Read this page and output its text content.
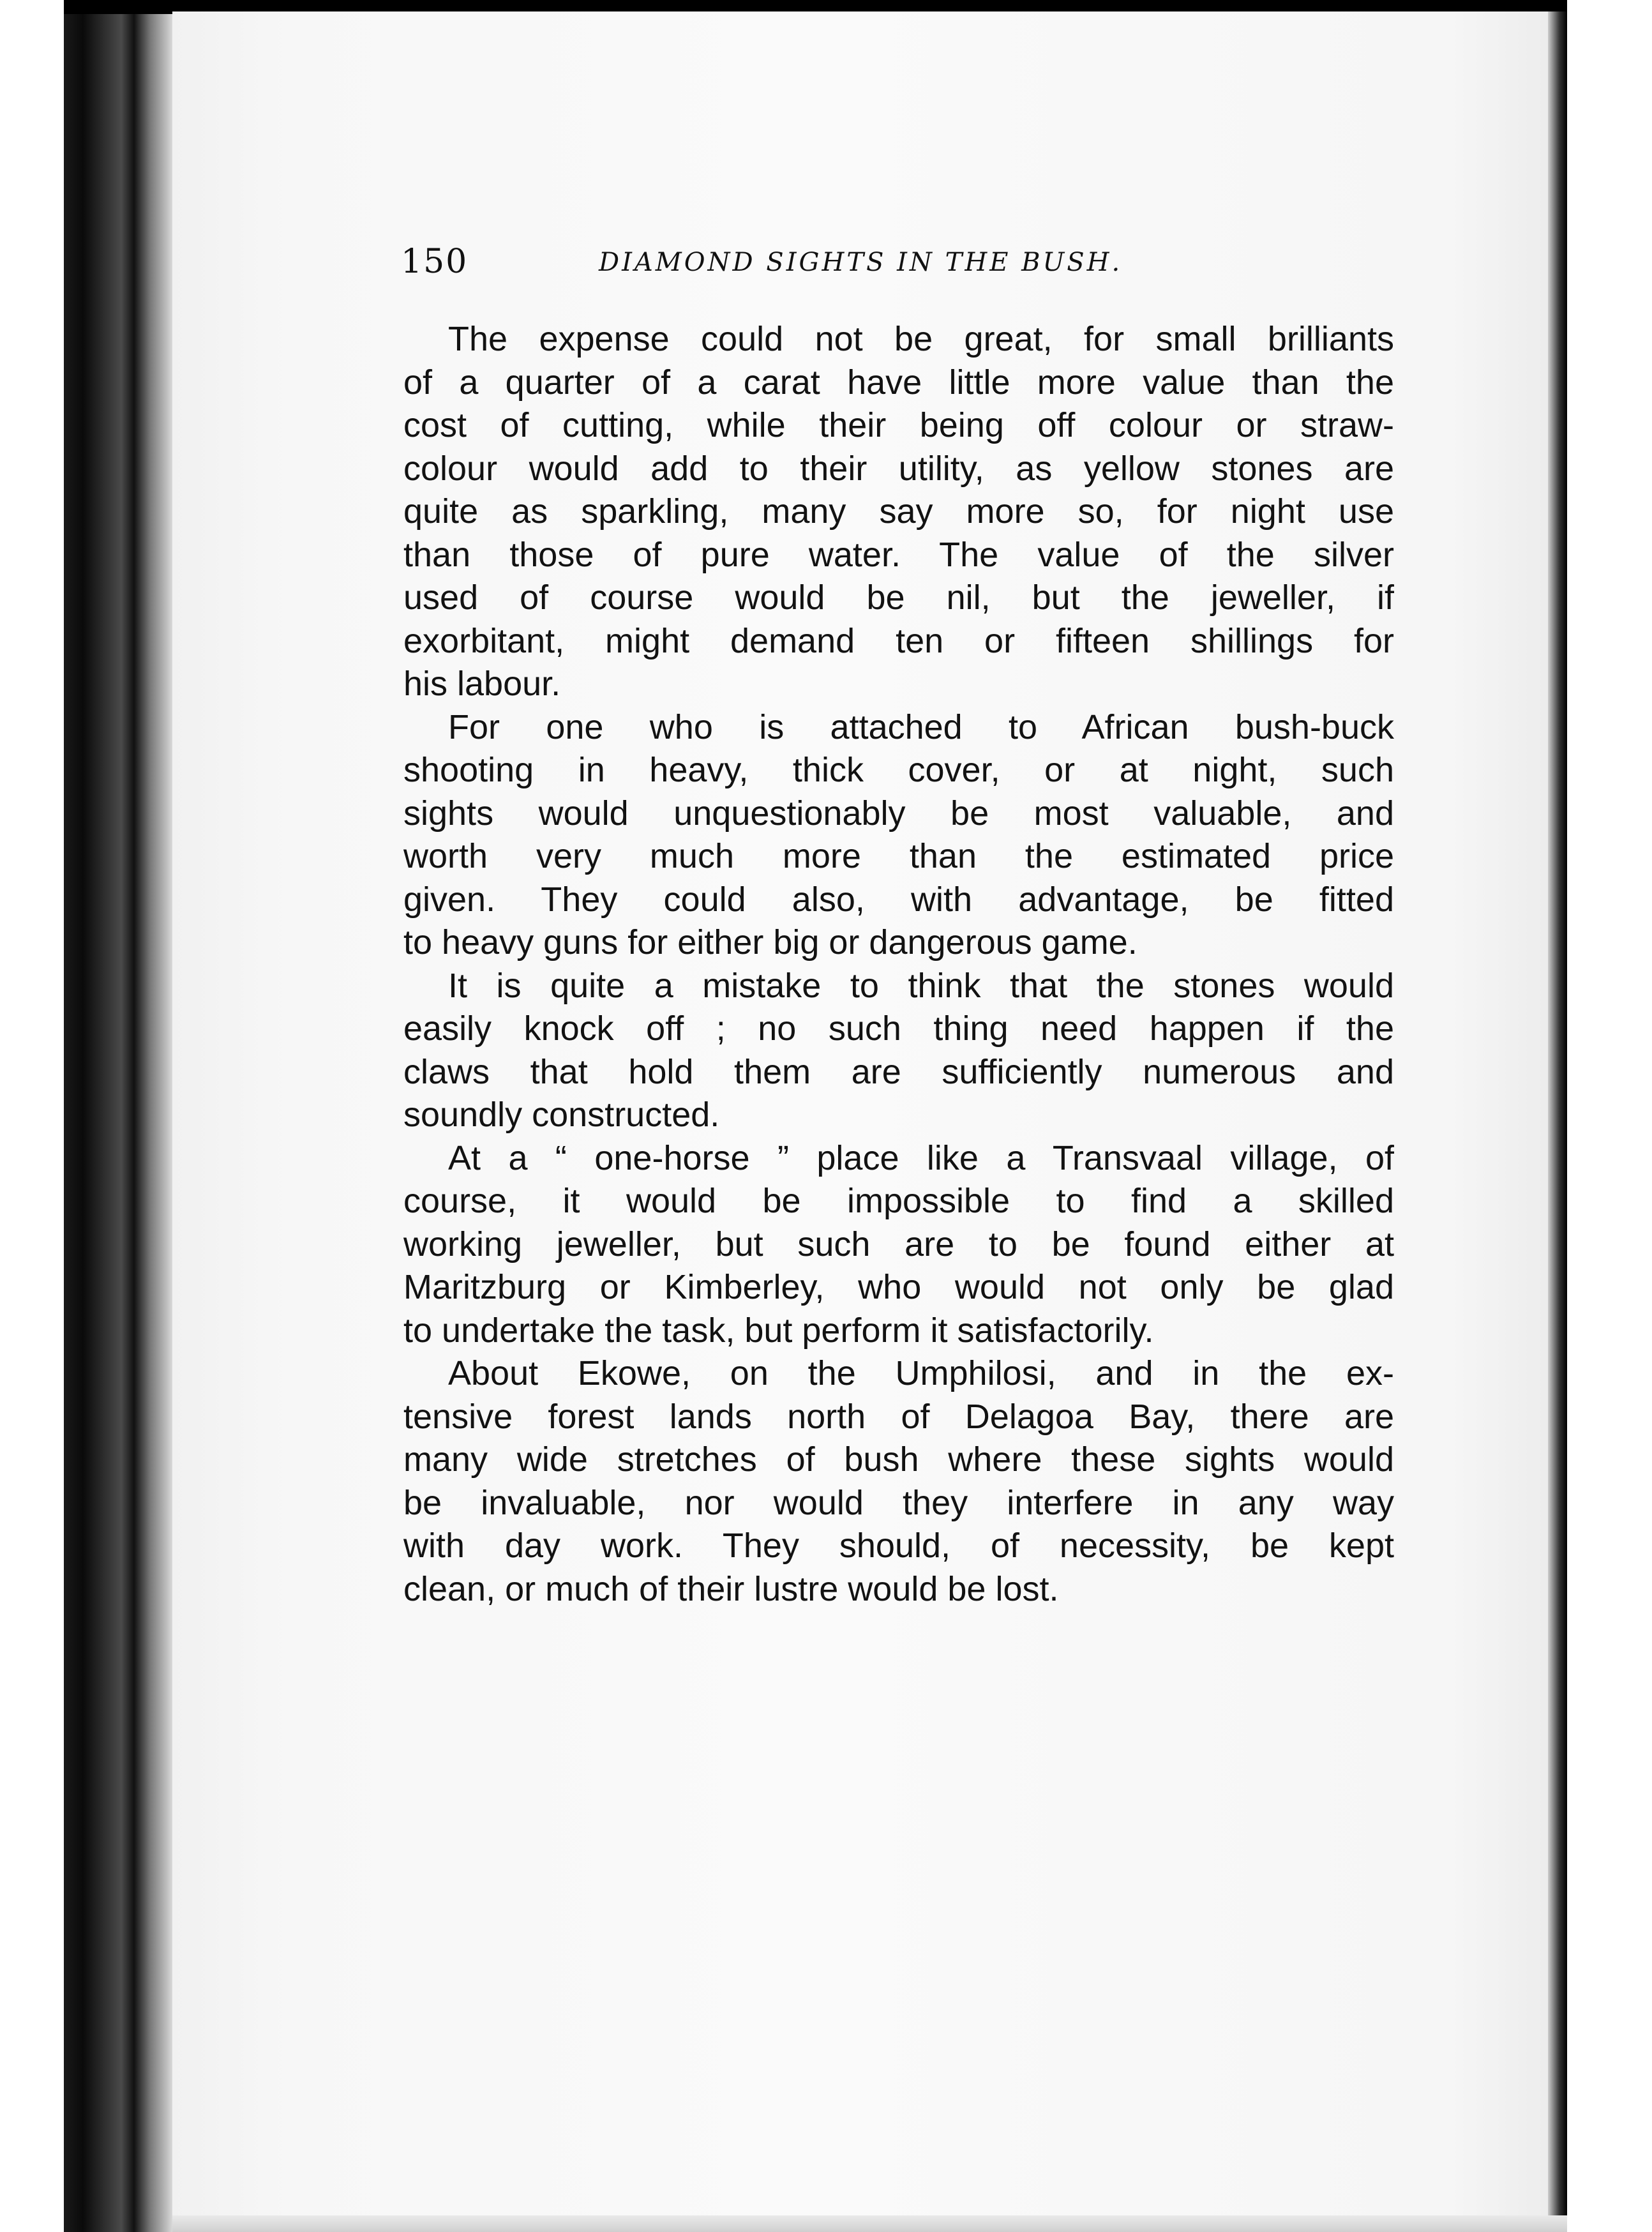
150	DIAMOND SIGHTS IN THE BUSH.
The expense could not be great, for small brilliants
of a quarter of a carat have little more value than the
cost of cutting, while their being off colour or straw-
colour would add to their utility, as yellow stones are
quite as sparkling, many say more so, for night use
than those of pure water. The value of the silver
used of course would be nil, but the jeweller, if
exorbitant, might demand ten or fifteen shillings for
his labour.
For one who is attached to African bush-buck
shooting in heavy, thick cover, or at night, such
sights would unquestionably be most valuable, and
worth very much more than the estimated price
given. They could also, with advantage, be fitted
to heavy guns for either big or dangerous game.
It is quite a mistake to think that the stones would
easily knock off ; no such thing need happen if the
claws that hold them are sufficiently numerous and
soundly constructed.
At a “ one-horse ” place like a Transvaal village, of
course, it would be impossible to find a skilled
working jeweller, but such are to be found either at
Maritzburg or Kimberley, who would not only be glad
to undertake the task, but perform it satisfactorily.
About Ekowe, on the Umphilosi, and in the ex-
tensive forest lands north of Delagoa Bay, there are
many wide stretches of bush where these sights would
be invaluable, nor would they interfere in any way
with day work. They should, of necessity, be kept
clean, or much of their lustre would be lost.
